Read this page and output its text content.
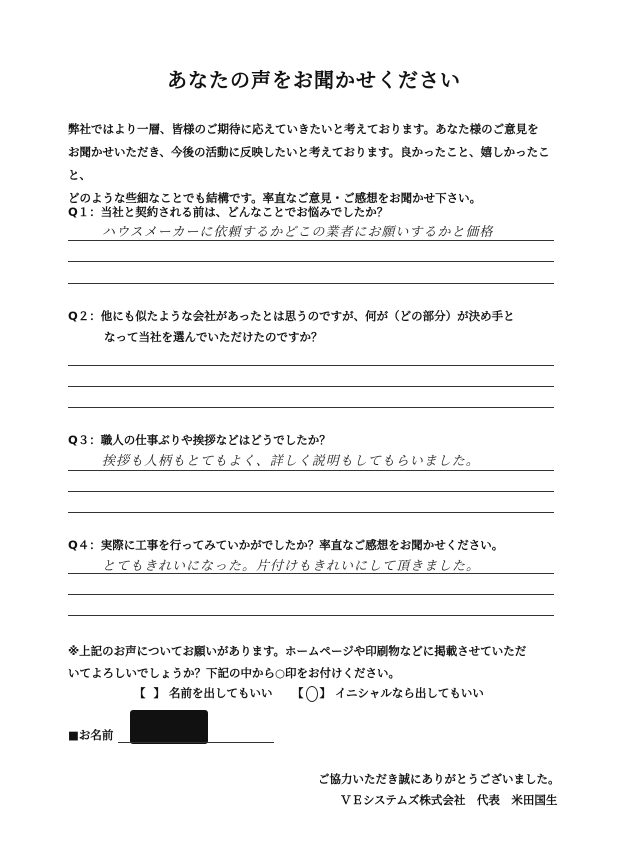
あなたの声をお聞かせください
弊社ではより一層、皆様のご期待に応えていきたいと考えております。あなた様のご意見を
お聞かせいただき、今後の活動に反映したいと考えております。良かったこと、嬉しかったこと、
どのような些細なことでも結構です。率直なご意見・ご感想をお聞かせ下さい。
Q１：当社と契約される前は、どんなことでお悩みでしたか？
ハウスメーカーに依頼するかどこの業者にお願いするかと価格
Q２：他にも似たような会社があったとは思うのですが、何が（どの部分）が決め手と
なって当社を選んでいただけたのですか？
Q３：職人の仕事ぶりや挨拶などはどうでしたか？
挨拶も人柄もとてもよく、詳しく説明もしてもらいました。
Q４：実際に工事を行ってみていかがでしたか？率直なご感想をお聞かせください。
とてもきれいになった。片付けもきれいにして頂きました。
※上記のお声についてお願いがあります。ホームページや印刷物などに掲載させていただ
いてよろしいでしょうか？下記の中から○印をお付けください。
【 】 名前を出してもいい 【 ○ 】 イニシャルなら出してもいい
■お名前
ご協力いただき誠にありがとうございました。
ＶＥシステムズ株式会社　代表　米田国生
